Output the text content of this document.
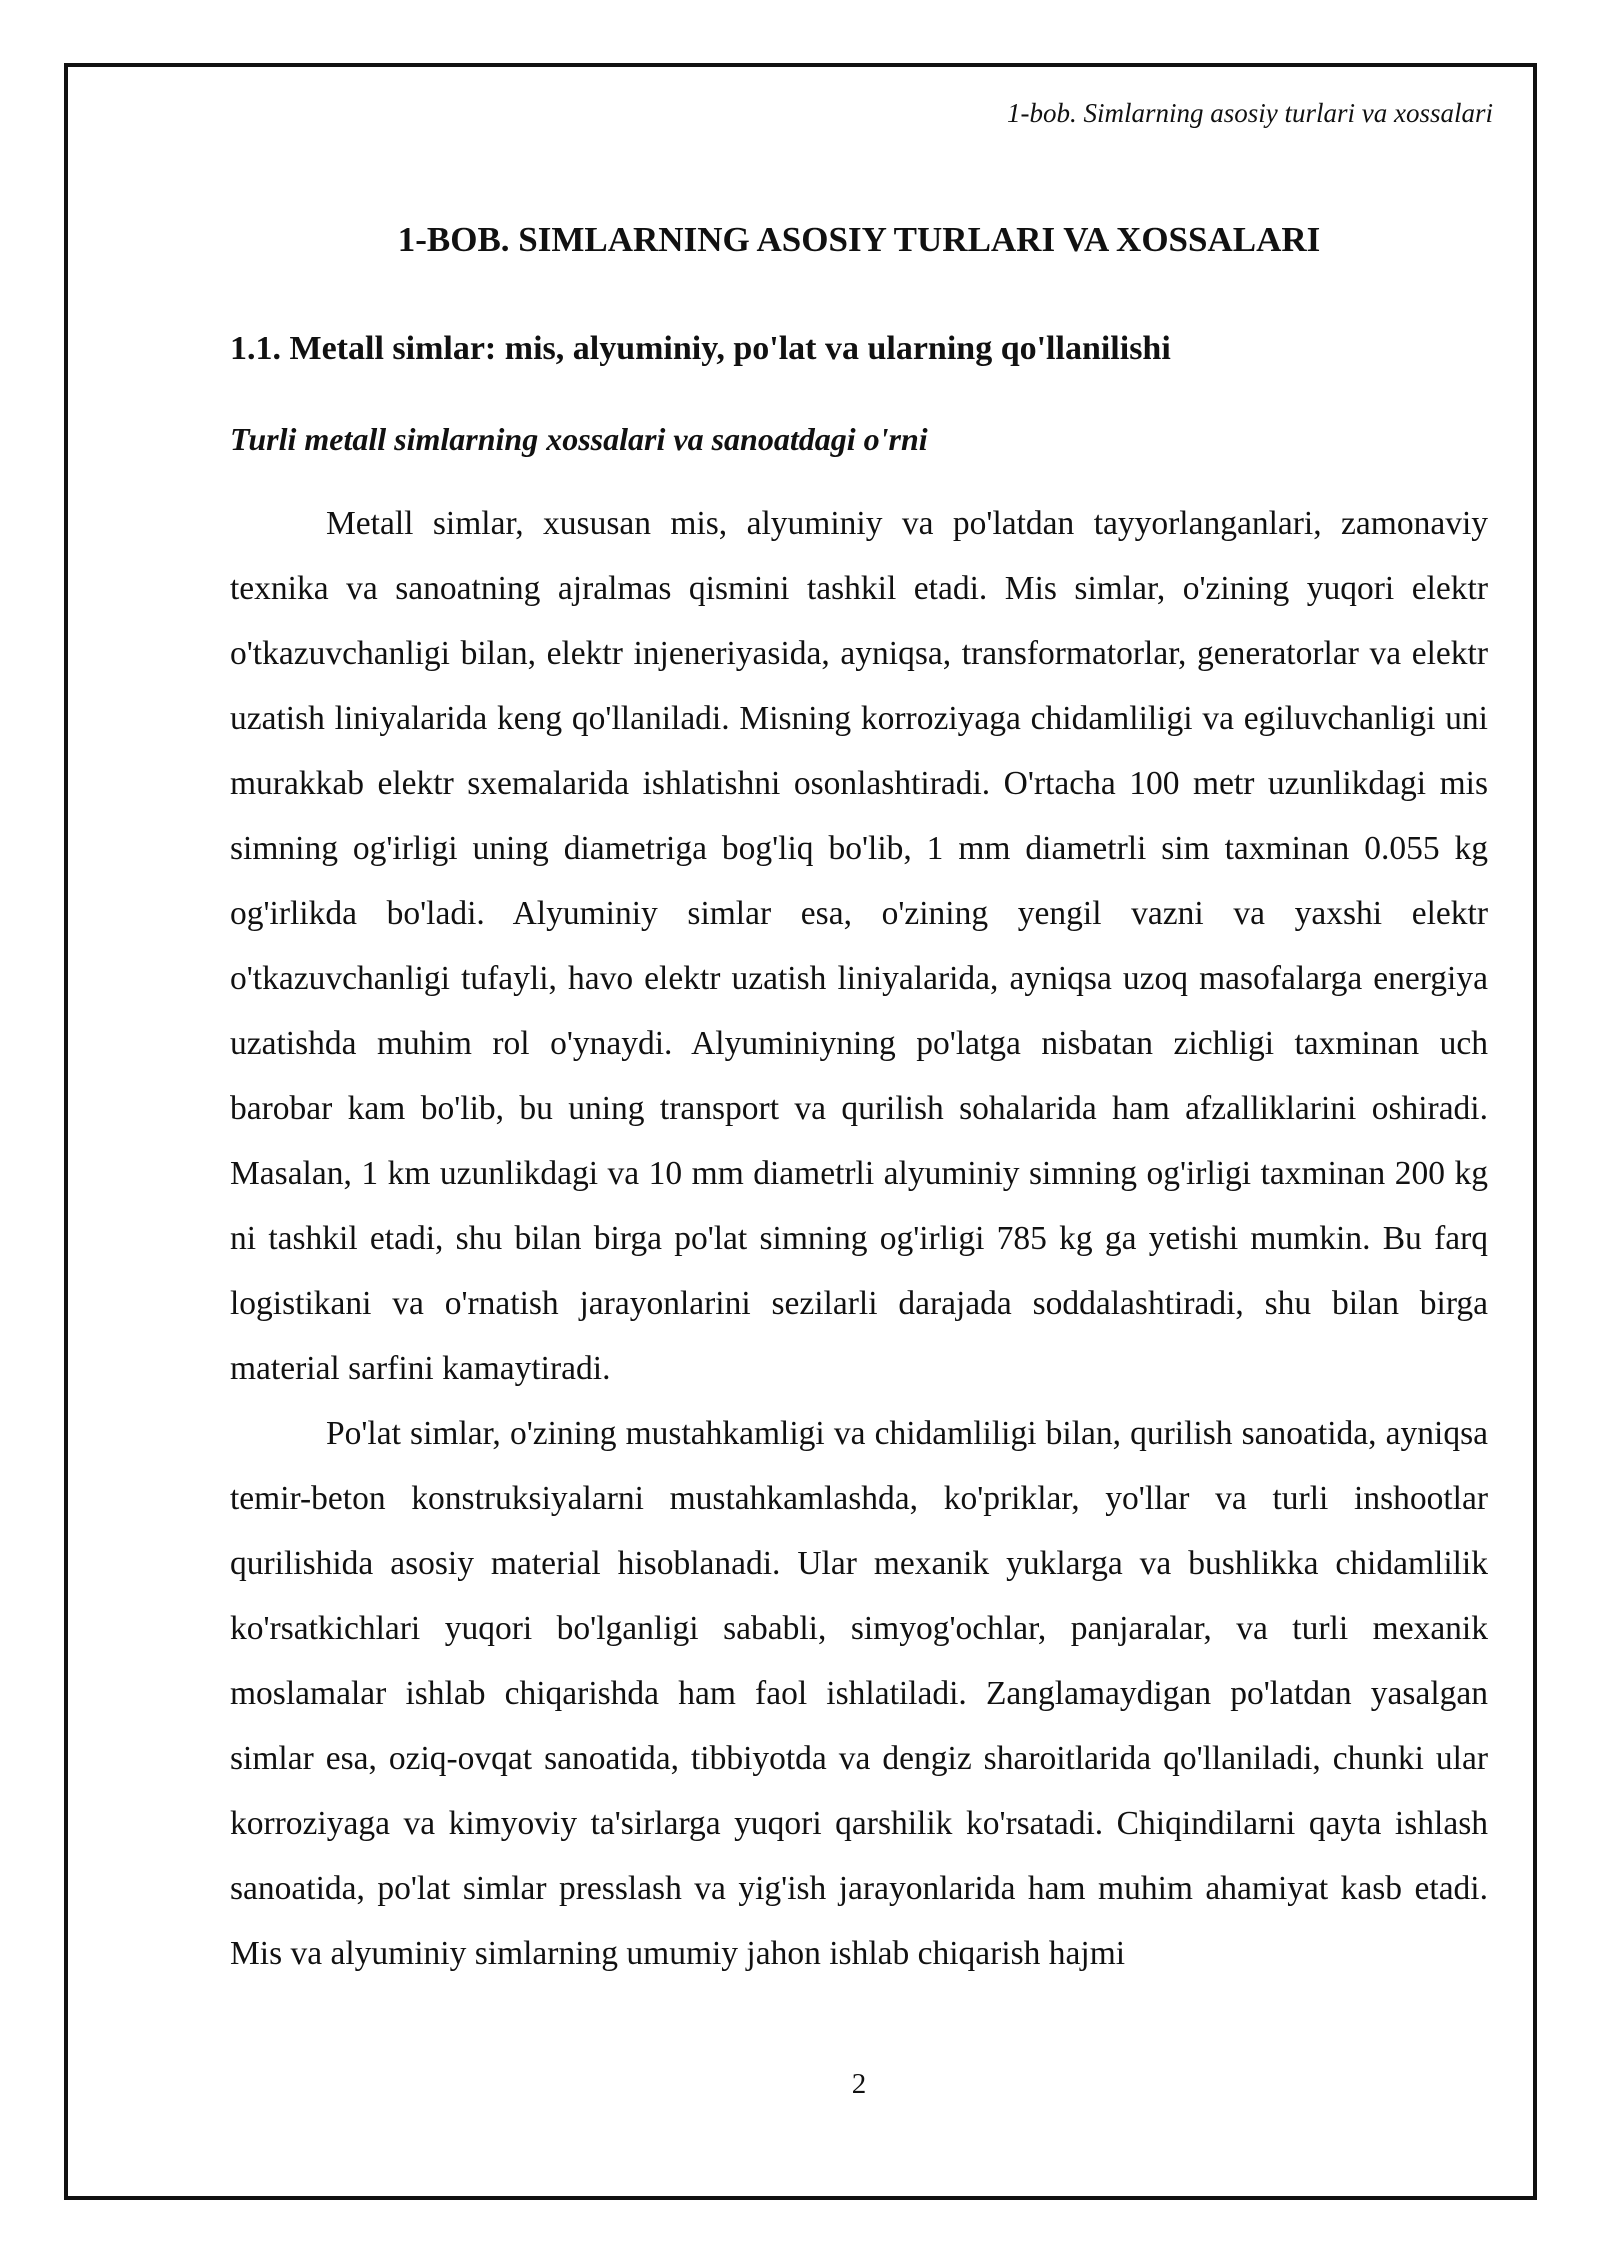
1-bob. Simlarning asosiy turlari va xossalari
1-BOB. SIMLARNING ASOSIY TURLARI VA XOSSALARI
1.1. Metall simlar: mis, alyuminiy, po'lat va ularning qo'llanilishi
Turli metall simlarning xossalari va sanoatdagi o'rni

Metall simlar, xususan mis, alyuminiy va po'latdan tayyorlanganlari, zamonaviy texnika va sanoatning ajralmas qismini tashkil etadi. Mis simlar, o'zining yuqori elektr o'tkazuvchanligi bilan, elektr injeneriyasida, ayniqsa, transformatorlar, generatorlar va elektr uzatish liniyalarida keng qo'llaniladi. Misning korroziyaga chidamliligi va egiluvchanligi uni murakkab elektr sxemalarida ishlatishni osonlashtiradi. O'rtacha 100 metr uzunlikdagi mis simning og'irligi uning diametriga bog'liq bo'lib, 1 mm diametrli sim taxminan 0.055 kg og'irlikda bo'ladi. Alyuminiy simlar esa, o'zining yengil vazni va yaxshi elektr o'tkazuvchanligi tufayli, havo elektr uzatish liniyalarida, ayniqsa uzoq masofalarga energiya uzatishda muhim rol o'ynaydi. Alyuminiyning po'latga nisbatan zichligi taxminan uch barobar kam bo'lib, bu uning transport va qurilish sohalarida ham afzalliklarini oshiradi. Masalan, 1 km uzunlikdagi va 10 mm diametrli alyuminiy simning og'irligi taxminan 200 kg ni tashkil etadi, shu bilan birga po'lat simning og'irligi 785 kg ga yetishi mumkin. Bu farq logistikani va o'rnatish jarayonlarini sezilarli darajada soddalashtiradi, shu bilan birga material sarfini kamaytiradi.

Po'lat simlar, o'zining mustahkamligi va chidamliligi bilan, qurilish sanoatida, ayniqsa temir-beton konstruksiyalarni mustahkamlashda, ko'priklar, yo'llar va turli inshootlar qurilishida asosiy material hisoblanadi. Ular mexanik yuklarga va bushlikka chidamlilik ko'rsatkichlari yuqori bo'lganligi sababli, simyog'ochlar, panjaralar, va turli mexanik moslamalar ishlab chiqarishda ham faol ishlatiladi. Zanglamaydigan po'latdan yasalgan simlar esa, oziq-ovqat sanoatida, tibbiyotda va dengiz sharoitlarida qo'llaniladi, chunki ular korroziyaga va kimyoviy ta'sirlarga yuqori qarshilik ko'rsatadi. Chiqindilarni qayta ishlash sanoatida, po'lat simlar presslash va yig'ish jarayonlarida ham muhim ahamiyat kasb etadi. Mis va alyuminiy simlarning umumiy jahon ishlab chiqarish hajmi

2
